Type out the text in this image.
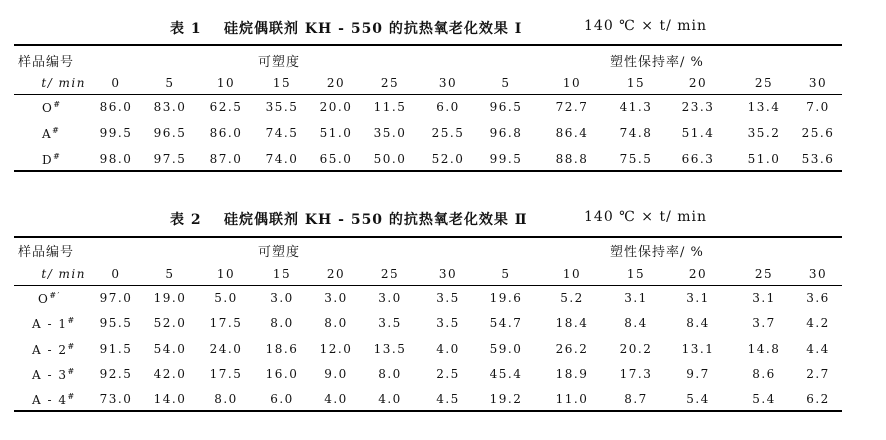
表 1 硅烷偶联剂 KH - 550 的抗热氧老化效果 Ⅰ	140 ℃ × t/ min
样品编号	可塑度	塑性保持率/ %
t/ min	0	5	10	15	20	25	30	5	10	15	20	25	30
O#	86.0	83.0	62.5	35.5	20.0	11.5	6.0	96.5	72.7	41.3	23.3	13.4	7.0
A#	99.5	96.5	86.0	74.5	51.0	35.0	25.5	96.8	86.4	74.8	51.4	35.2	25.6
D#	98.0	97.5	87.0	74.0	65.0	50.0	52.0	99.5	88.8	75.5	66.3	51.0	53.6
表 2 硅烷偶联剂 KH - 550 的抗热氧老化效果 Ⅱ	140 ℃ × t/ min
样品编号	可塑度	塑性保持率/ %
t/ min	0	5	10	15	20	25	30	5	10	15	20	25	30
O#′	97.0	19.0	5.0	3.0	3.0	3.0	3.5	19.6	5.2	3.1	3.1	3.1	3.6
A - 1#	95.5	52.0	17.5	8.0	8.0	3.5	3.5	54.7	18.4	8.4	8.4	3.7	4.2
A - 2#	91.5	54.0	24.0	18.6	12.0	13.5	4.0	59.0	26.2	20.2	13.1	14.8	4.4
A - 3#	92.5	42.0	17.5	16.0	9.0	8.0	2.5	45.4	18.9	17.3	9.7	8.6	2.7
A - 4#	73.0	14.0	8.0	6.0	4.0	4.0	4.5	19.2	11.0	8.7	5.4	5.4	6.2
